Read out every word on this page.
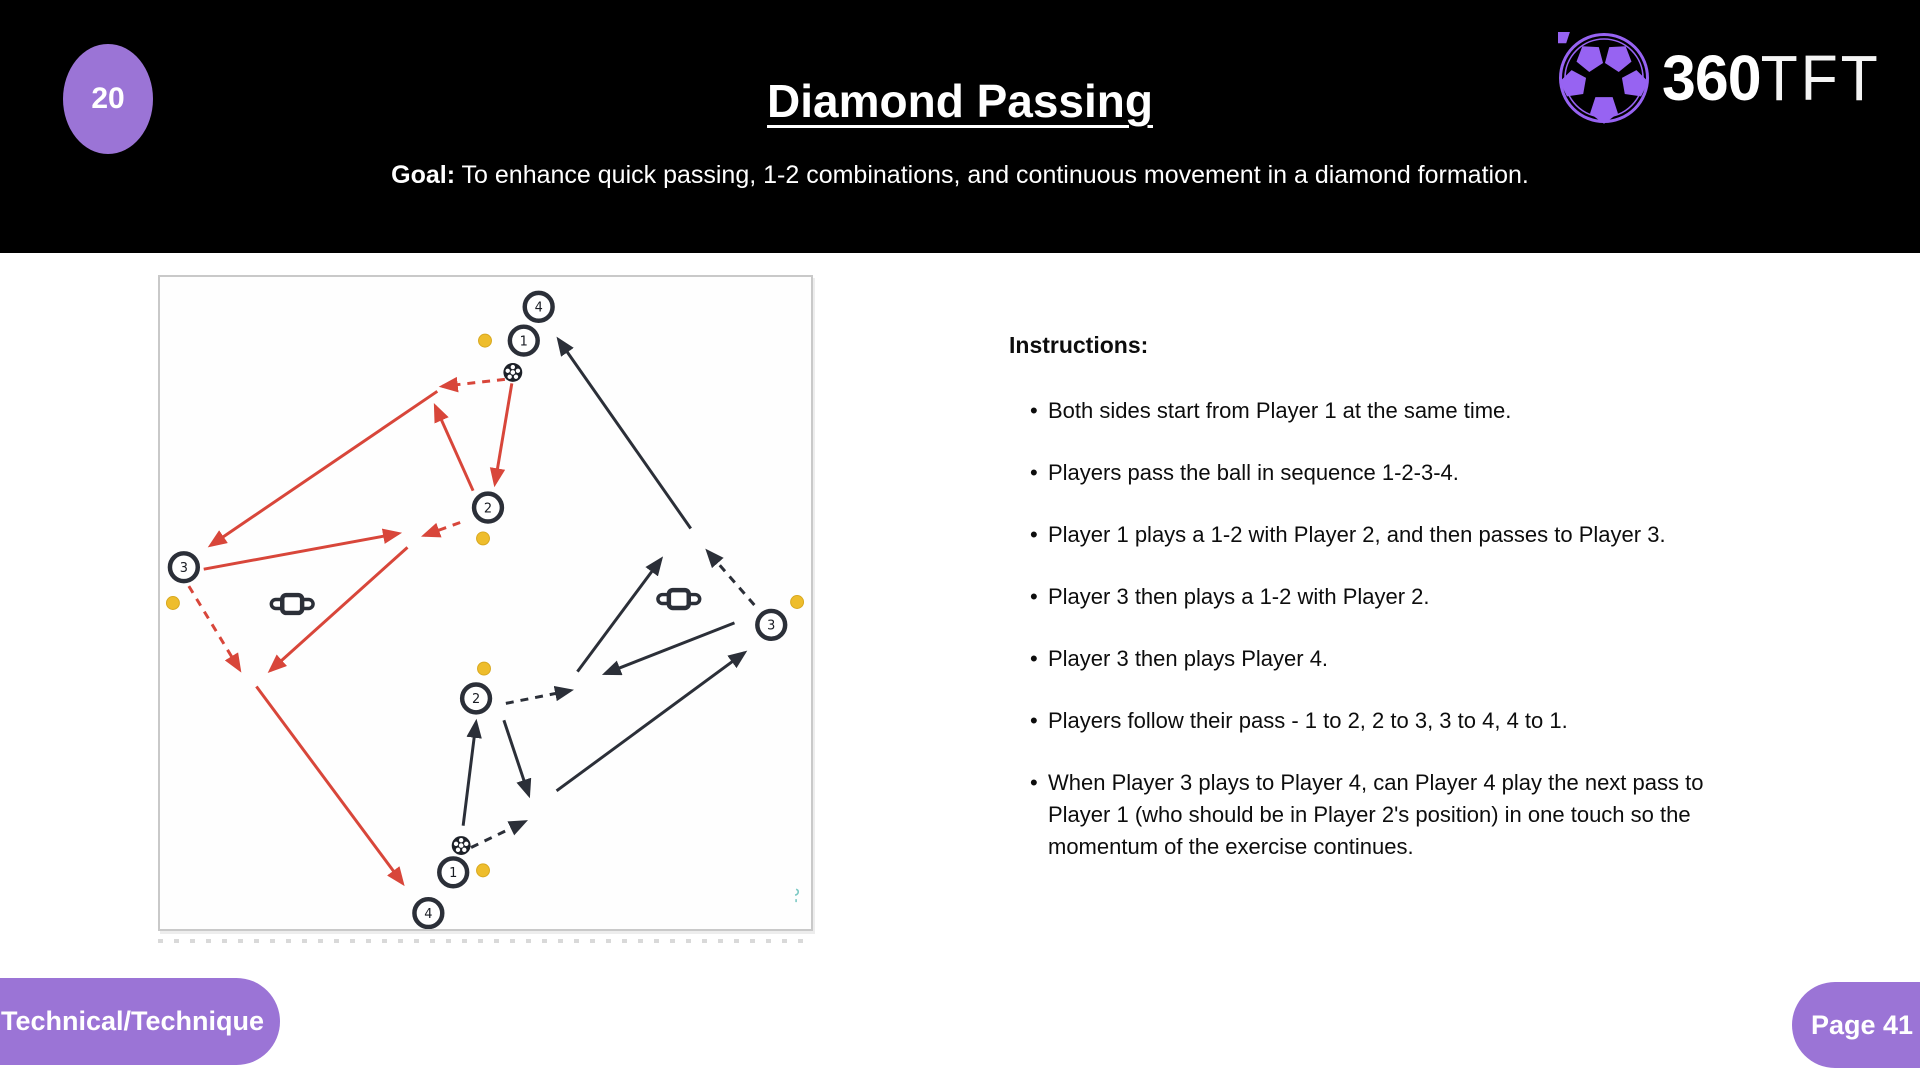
20	Diamond Passing
Goal: To enhance quick passing, 1-2 combinations, and continuous movement in a diamond formation.
360TFT
4
1
2
3
3
2
1
4
Instructions:
• Both sides start from Player 1 at the same time.
• Players pass the ball in sequence 1-2-3-4.
• Player 1 plays a 1-2 with Player 2, and then passes to Player 3.
• Player 3 then plays a 1-2 with Player 2.
• Player 3 then plays Player 4.
• Players follow their pass - 1 to 2, 2 to 3, 3 to 4, 4 to 1.
• When Player 3 plays to Player 4, can Player 4 play the next pass to Player 1 (who should be in Player 2's position) in one touch so the momentum of the exercise continues.
Technical/Technique	Page 41
